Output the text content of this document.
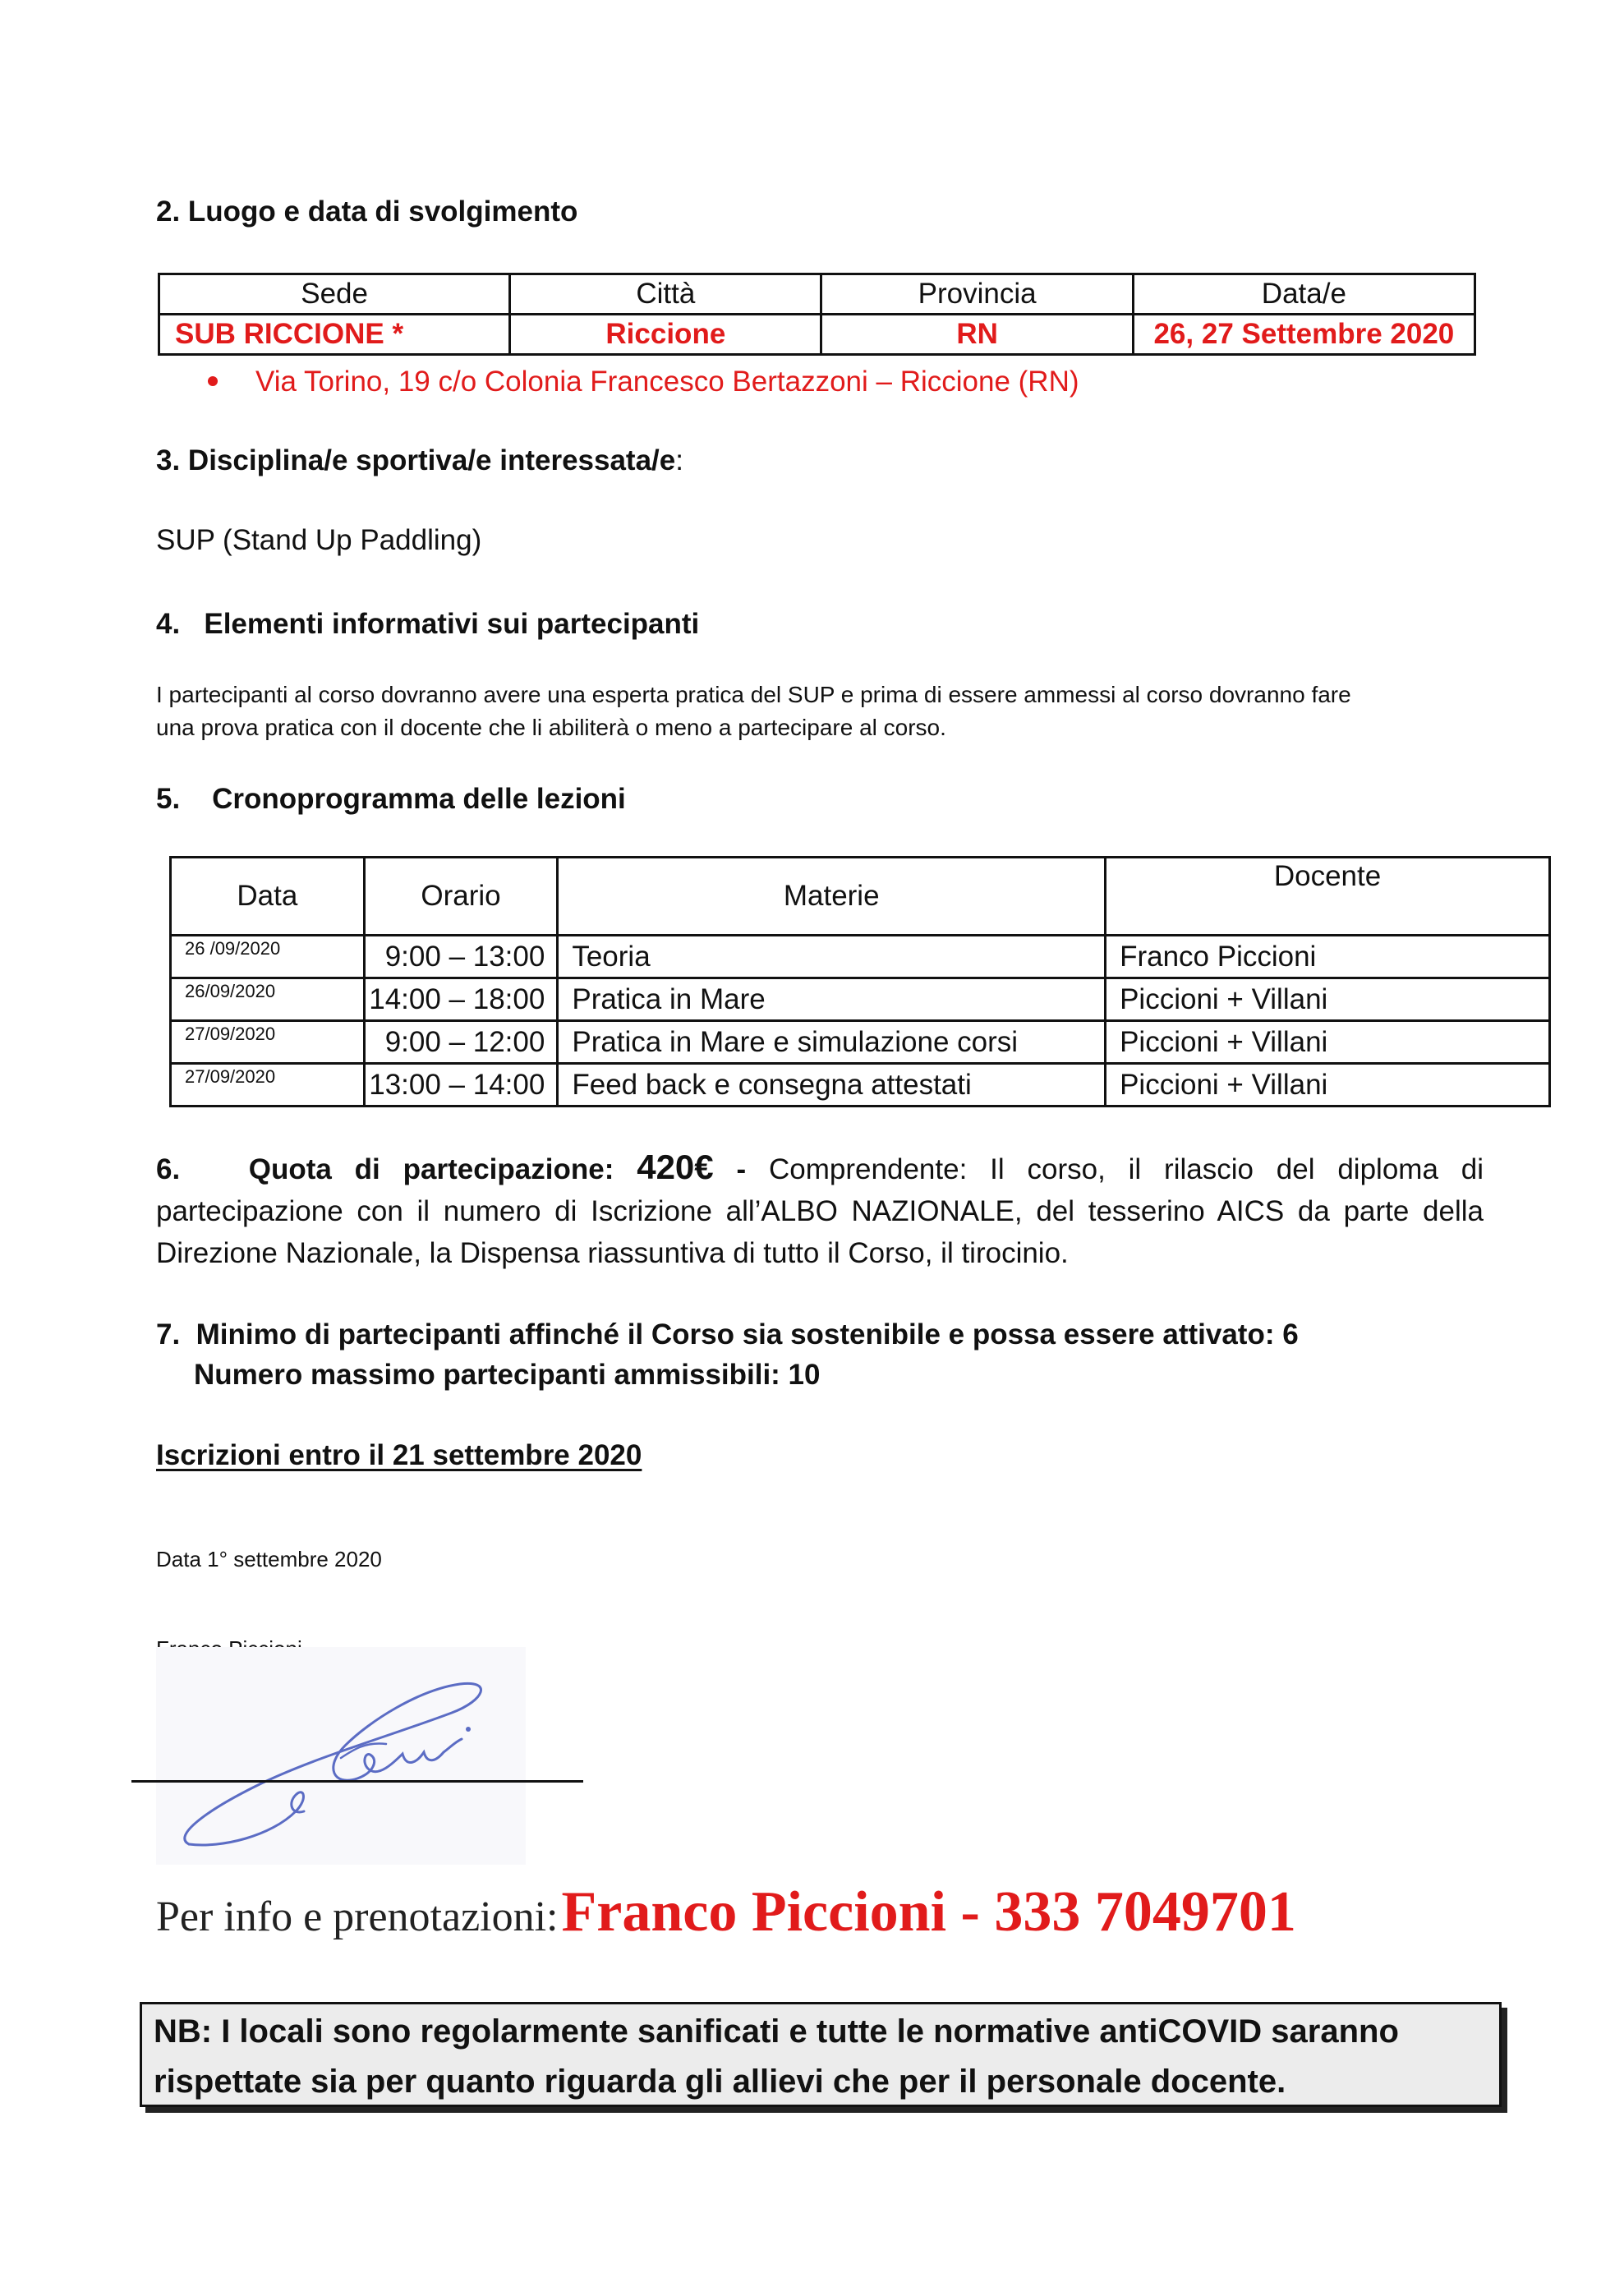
2. Luogo e data di svolgimento
Sede	Città	Provincia	Data/e
SUB RICCIONE *	Riccione	RN	26, 27 Settembre 2020
Via Torino, 19 c/o Colonia Francesco Bertazzoni – Riccione (RN)
3. Disciplina/e sportiva/e interessata/e:
SUP (Stand Up Paddling)
4.   Elementi informativi sui partecipanti
I partecipanti al corso dovranno avere una esperta pratica del SUP e prima di essere ammessi al corso dovranno fare
una prova pratica con il docente che li abiliterà o meno a partecipare al corso.
5.    Cronoprogramma delle lezioni
Data	Orario	Materie	Docente
26 /09/2020	9:00 – 13:00	Teoria	Franco Piccioni
26/09/2020	14:00 – 18:00	Pratica in Mare	Piccioni + Villani
27/09/2020	9:00 – 12:00	Pratica in Mare e simulazione corsi	Piccioni + Villani
27/09/2020	13:00 – 14:00	Feed back e consegna attestati	Piccioni + Villani
6.   Quota di partecipazione: 420€ - Comprendente: Il corso, il rilascio del diploma di
partecipazione con il numero di Iscrizione all’ALBO NAZIONALE, del tesserino AICS da parte della
Direzione Nazionale, la Dispensa riassuntiva di tutto il Corso, il tirocinio.
7.  Minimo di partecipanti affinché il Corso sia sostenibile e possa essere attivato: 6
Numero massimo partecipanti ammissibili: 10
Iscrizioni entro il 21 settembre 2020
Data 1° settembre 2020
Per info e prenotazioni: Franco Piccioni - 333 7049701
NB: I locali sono regolarmente sanificati e tutte le normative antiCOVID saranno
rispettate sia per quanto riguarda gli allievi che per il personale docente.
